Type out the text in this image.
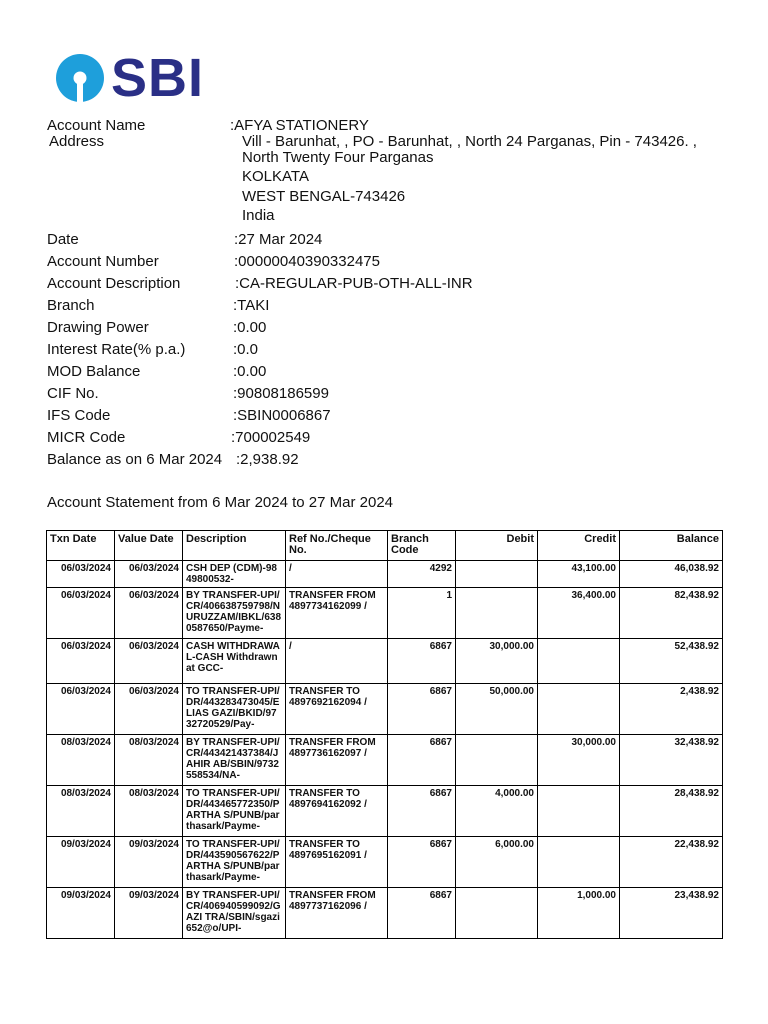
SBI
Account Name	:AFYA STATIONERY
Address	Vill - Barunhat, , PO - Barunhat, , North 24 Parganas, Pin - 743426. ,
North Twenty Four Parganas
KOLKATA
WEST BENGAL-743426
India
Date	:27 Mar 2024
Account Number	:00000040390332475
Account Description	:CA-REGULAR-PUB-OTH-ALL-INR
Branch	:TAKI
Drawing Power	:0.00
Interest Rate(% p.a.)	:0.0
MOD Balance	:0.00
CIF No.	:90808186599
IFS Code	:SBIN0006867
MICR Code	:700002549
Balance as on 6 Mar 2024 :2,938.92
Account Statement from 6 Mar 2024 to 27 Mar 2024
Txn Date	Value Date	Description	Ref No./Cheque No.	Branch Code	Debit	Credit	Balance
06/03/2024	06/03/2024	CSH DEP (CDM)-9849800532-	/	4292		43,100.00	46,038.92
06/03/2024	06/03/2024	BY TRANSFER-UPI/CR/406638759798/NURUZZAM/IBKL/6380587650/Payme-	TRANSFER FROM 4897734162099 /	1		36,400.00	82,438.92
06/03/2024	06/03/2024	CASH WITHDRAWAL-CASH Withdrawn at GCC-	/	6867	30,000.00		52,438.92
06/03/2024	06/03/2024	TO TRANSFER-UPI/DR/443283473045/ELIAS GAZI/BKID/9732720529/Pay-	TRANSFER TO 4897692162094 /	6867	50,000.00		2,438.92
08/03/2024	08/03/2024	BY TRANSFER-UPI/CR/443421437384/JAHIR AB/SBIN/9732558534/NA-	TRANSFER FROM 4897736162097 /	6867		30,000.00	32,438.92
08/03/2024	08/03/2024	TO TRANSFER-UPI/DR/443465772350/PARTHA S/PUNB/parthasark/Payme-	TRANSFER TO 4897694162092 /	6867	4,000.00		28,438.92
09/03/2024	09/03/2024	TO TRANSFER-UPI/DR/443590567622/PARTHA S/PUNB/parthasark/Payme-	TRANSFER TO 4897695162091 /	6867	6,000.00		22,438.92
09/03/2024	09/03/2024	BY TRANSFER-UPI/CR/406940599092/GAZI TRA/SBIN/sgazi652@o/UPI-	TRANSFER FROM 4897737162096 /	6867		1,000.00	23,438.92
